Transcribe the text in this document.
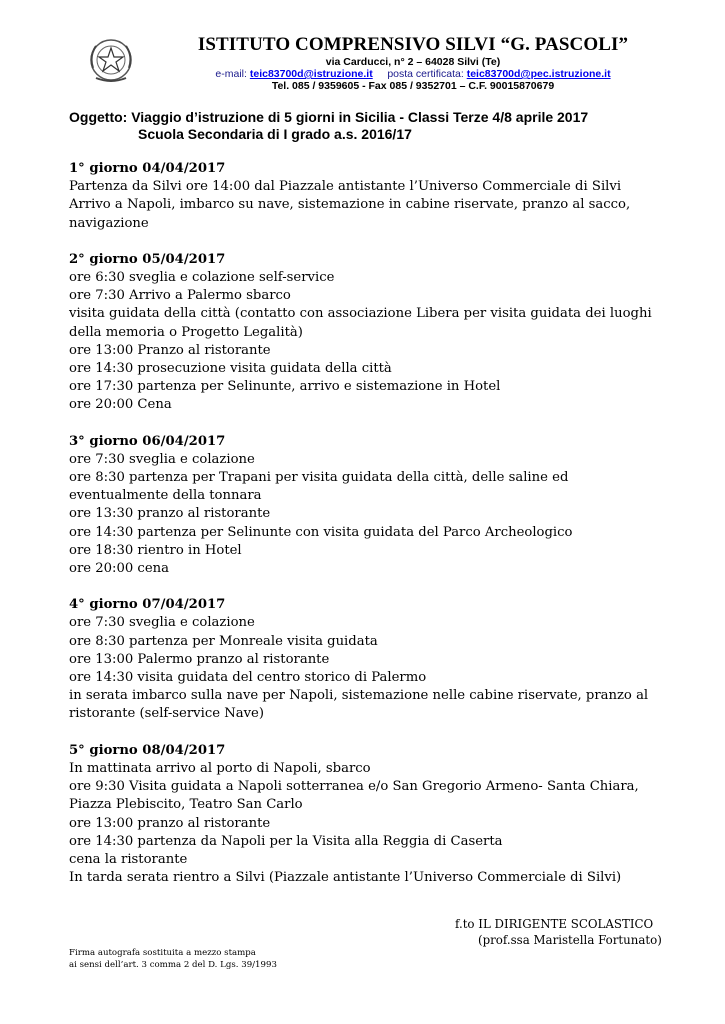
ISTITUTO COMPRENSIVO SILVI “G. PASCOLI”
via Carducci, n° 2 – 64028 Silvi (Te)
e-mail: teic83700d@istruzione.it posta certificata: teic83700d@pec.istruzione.it
Tel. 085 / 9359605 - Fax 085 / 9352701 – C.F. 90015870679
Oggetto: Viaggio d’istruzione di 5 giorni in Sicilia - Classi Terze 4/8 aprile 2017
Scuola Secondaria di I grado a.s. 2016/17
1° giorno 04/04/2017
Partenza da Silvi ore 14:00 dal Piazzale antistante l’Universo Commerciale di Silvi
Arrivo a Napoli, imbarco su nave, sistemazione in cabine riservate, pranzo al sacco,
navigazione
2° giorno 05/04/2017
ore 6:30 sveglia e colazione self-service
ore 7:30 Arrivo a Palermo sbarco
visita guidata della città (contatto con associazione Libera per visita guidata dei luoghi
della memoria o Progetto Legalità)
ore 13:00 Pranzo al ristorante
ore 14:30 prosecuzione visita guidata della città
ore 17:30 partenza per Selinunte, arrivo e sistemazione in Hotel
ore 20:00 Cena
3° giorno 06/04/2017
ore 7:30 sveglia e colazione
ore 8:30 partenza per Trapani per visita guidata della città, delle saline ed
eventualmente della tonnara
ore 13:30 pranzo al ristorante
ore 14:30 partenza per Selinunte con visita guidata del Parco Archeologico
ore 18:30 rientro in Hotel
ore 20:00 cena
4° giorno 07/04/2017
ore 7:30 sveglia e colazione
ore 8:30 partenza per Monreale visita guidata
ore 13:00 Palermo pranzo al ristorante
ore 14:30 visita guidata del centro storico di Palermo
in serata imbarco sulla nave per Napoli, sistemazione nelle cabine riservate, pranzo al
ristorante (self-service Nave)
5° giorno 08/04/2017
In mattinata arrivo al porto di Napoli, sbarco
ore 9:30 Visita guidata a Napoli sotterranea e/o San Gregorio Armeno- Santa Chiara,
Piazza Plebiscito, Teatro San Carlo
ore 13:00 pranzo al ristorante
ore 14:30 partenza da Napoli per la Visita alla Reggia di Caserta
cena la ristorante
In tarda serata rientro a Silvi (Piazzale antistante l’Universo Commerciale di Silvi)
f.to IL DIRIGENTE SCOLASTICO
(prof.ssa Maristella Fortunato)
Firma autografa sostituita a mezzo stampa
ai sensi dell’art. 3 comma 2 del D. Lgs. 39/1993
